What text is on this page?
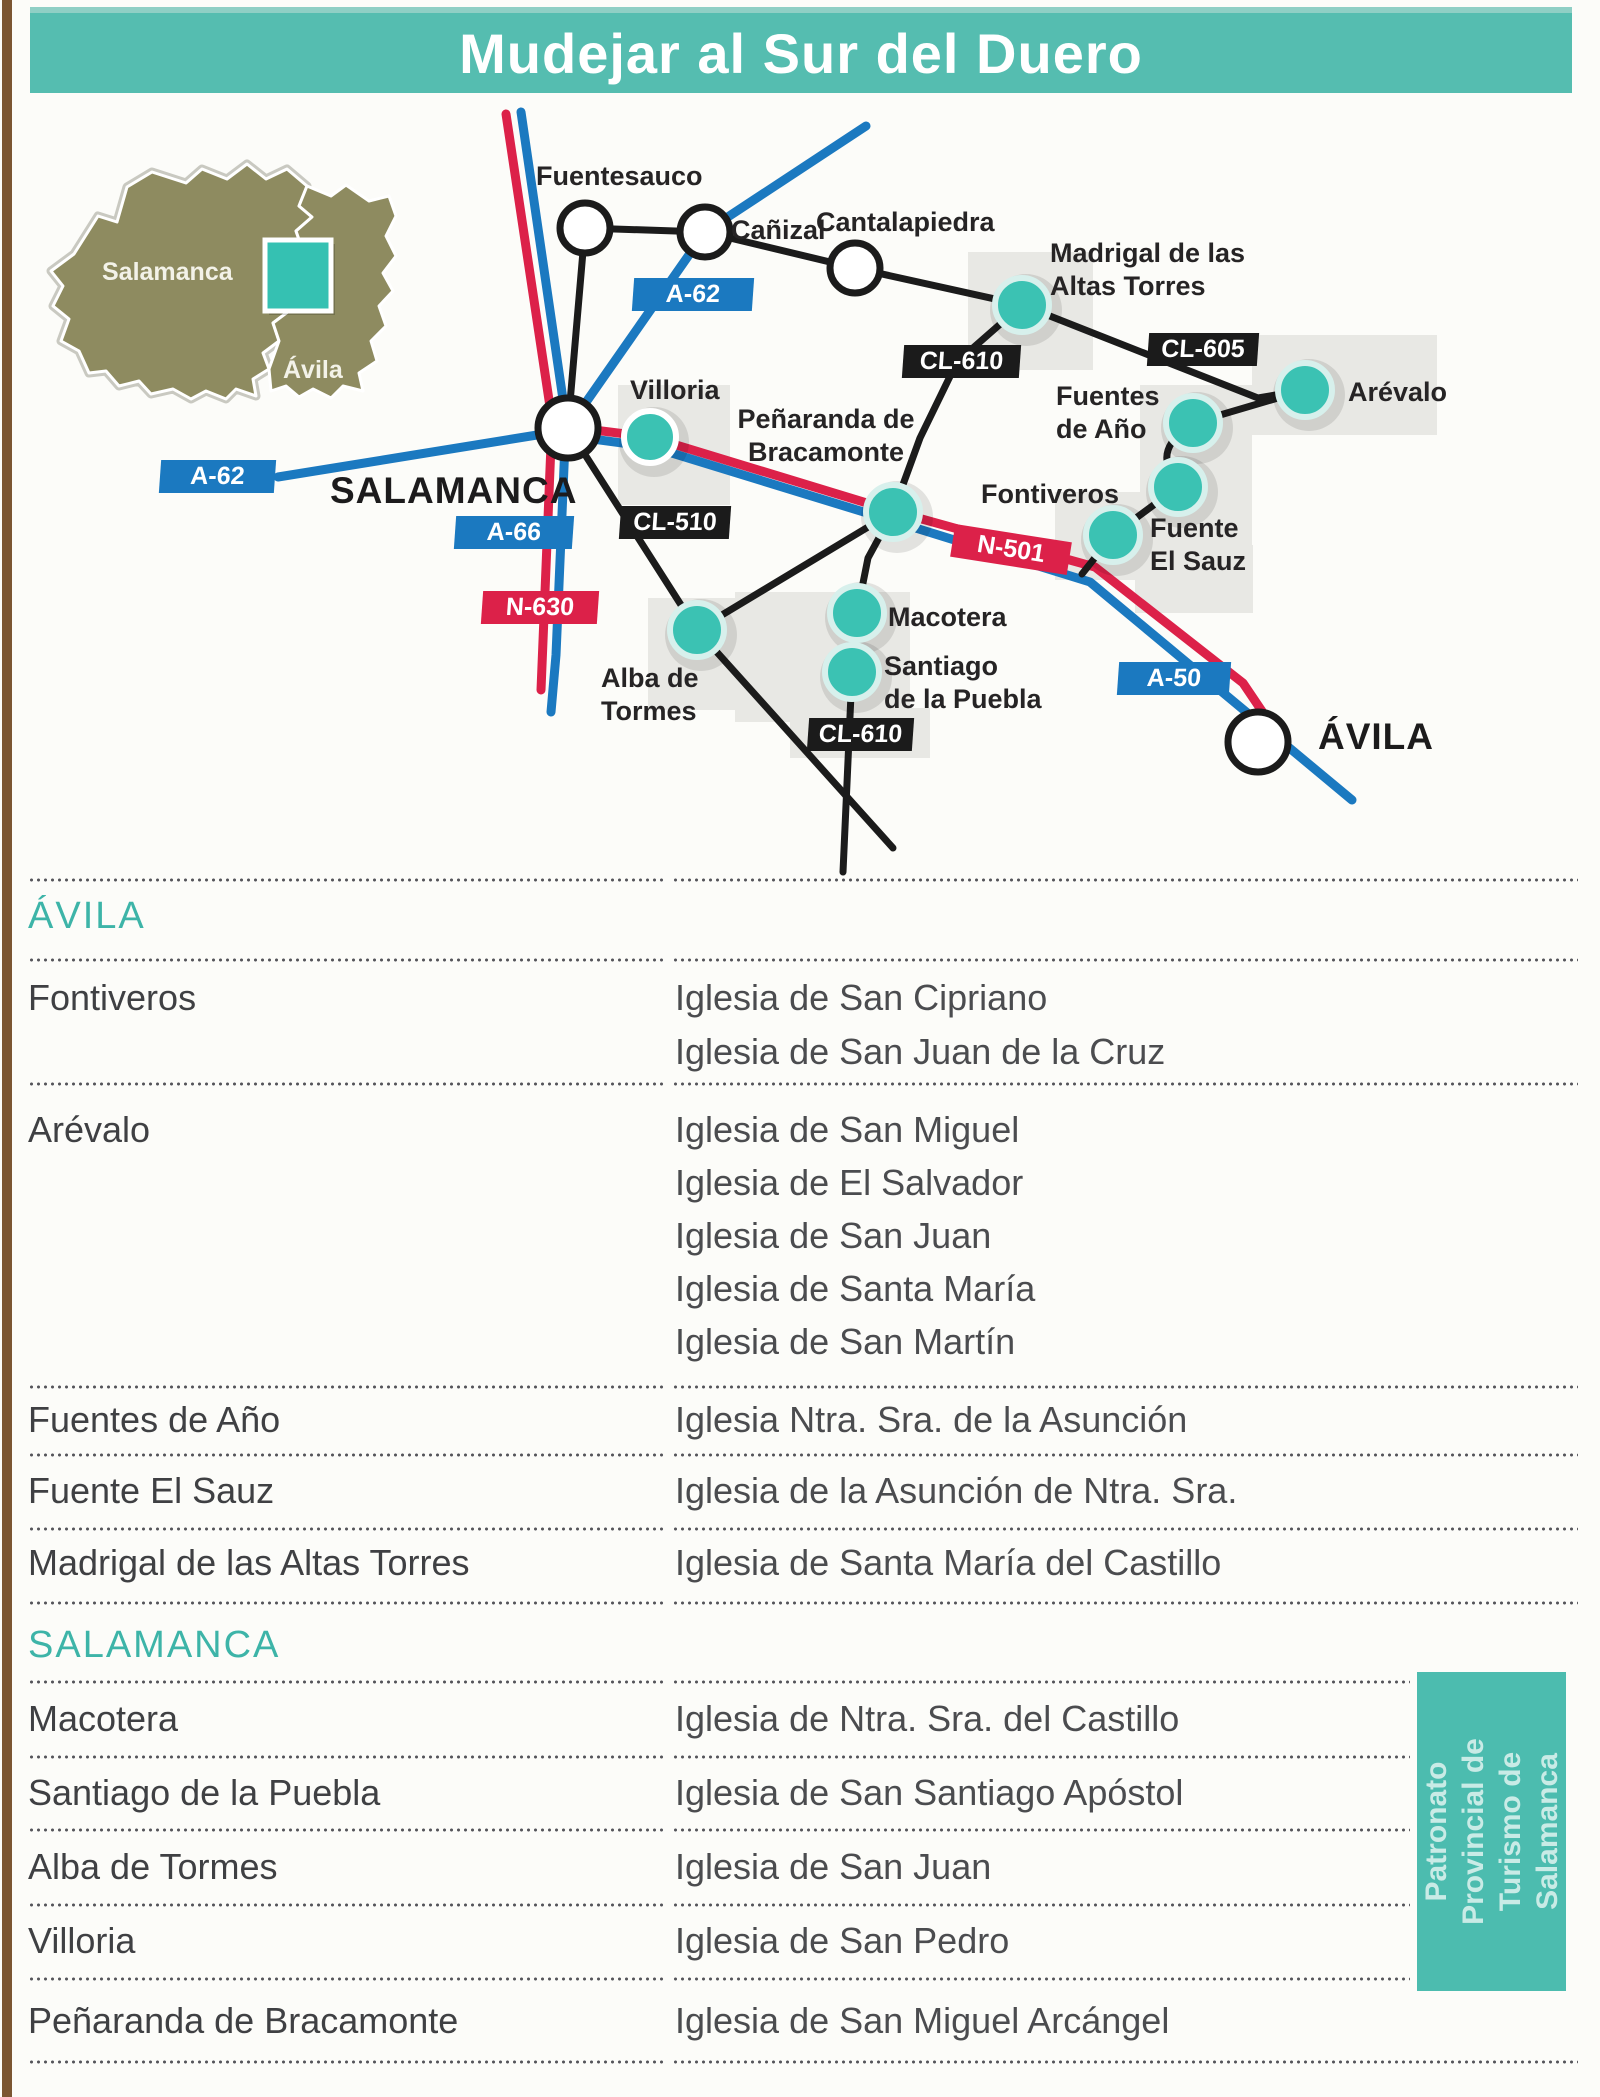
Mudejar al Sur del Duero
Salamanca
Ávila
A-62
A-62
A-66
N-630
N-501
A-50
CL-510
CL-610
CL-610
CL-605
Fuentesauco
Cañizal
Cantalapiedra
Madrigal de las
Altas Torres
Arévalo
Fuentes
de Año
Fontiveros
Fuente
El Sauz
Peñaranda de
Bracamonte
Villoria
Macotera
Santiago
de la Puebla
Alba de
Tormes
SALAMANCA
ÁVILA
ÁVILA
Fontiveros	Iglesia de San Cipriano
Iglesia de San Juan de la Cruz
Arévalo	Iglesia de San Miguel
Iglesia de El Salvador
Iglesia de San Juan
Iglesia de Santa María
Iglesia de San Martín
Fuentes de Año	Iglesia Ntra. Sra. de la Asunción
Fuente El Sauz	Iglesia de la Asunción de Ntra. Sra.
Madrigal de las Altas Torres	Iglesia de Santa María del Castillo
SALAMANCA
Macotera	Iglesia de Ntra. Sra. del Castillo
Santiago de la Puebla	Iglesia de San Santiago Apóstol
Alba de Tormes	Iglesia de San Juan
Villoria	Iglesia de San Pedro
Peñaranda de Bracamonte	Iglesia de San Miguel Arcángel
Patronato Provincial de Turismo de Salamanca
